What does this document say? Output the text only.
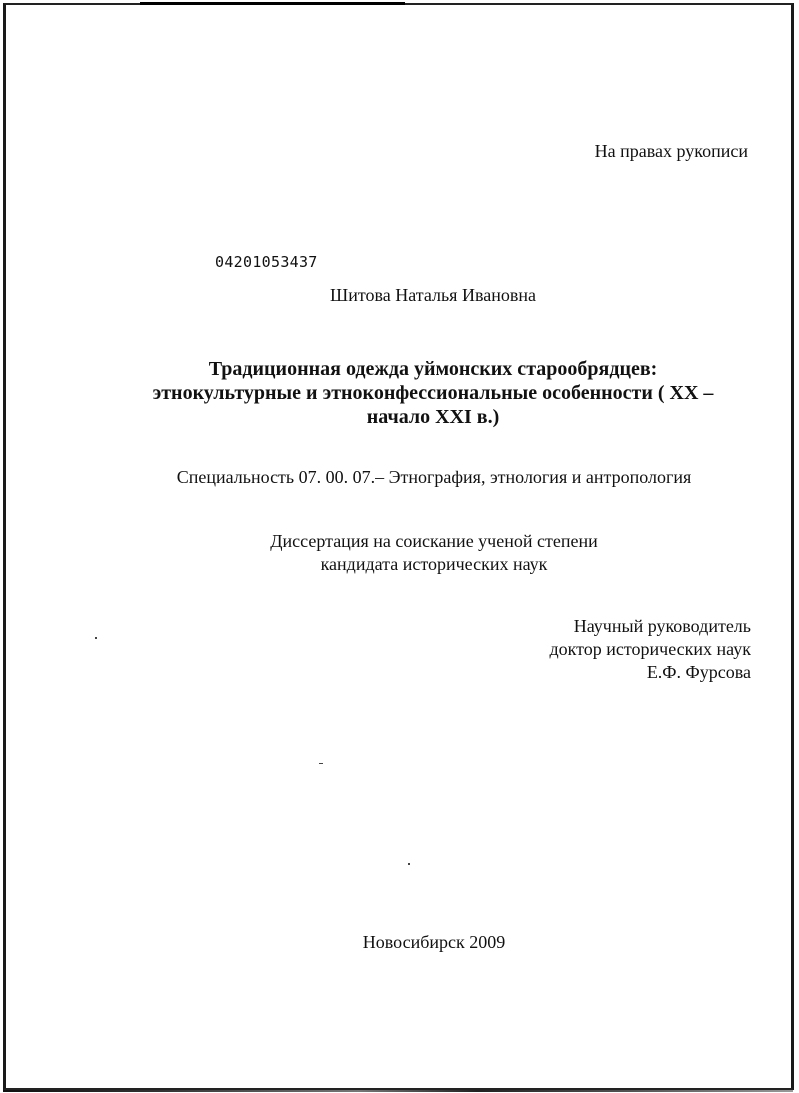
На правах рукописи
04201053437
Шитова Наталья Ивановна
Традиционная одежда уймонских старообрядцев:
этнокультурные и этноконфессиональные особенности ( XX –
начало XXI в.)
Специальность 07. 00. 07.– Этнография, этнология и антропология
Диссертация на соискание ученой степени
кандидата исторических наук
Научный руководитель
доктор исторических наук
Е.Ф. Фурсова
Новосибирск 2009
